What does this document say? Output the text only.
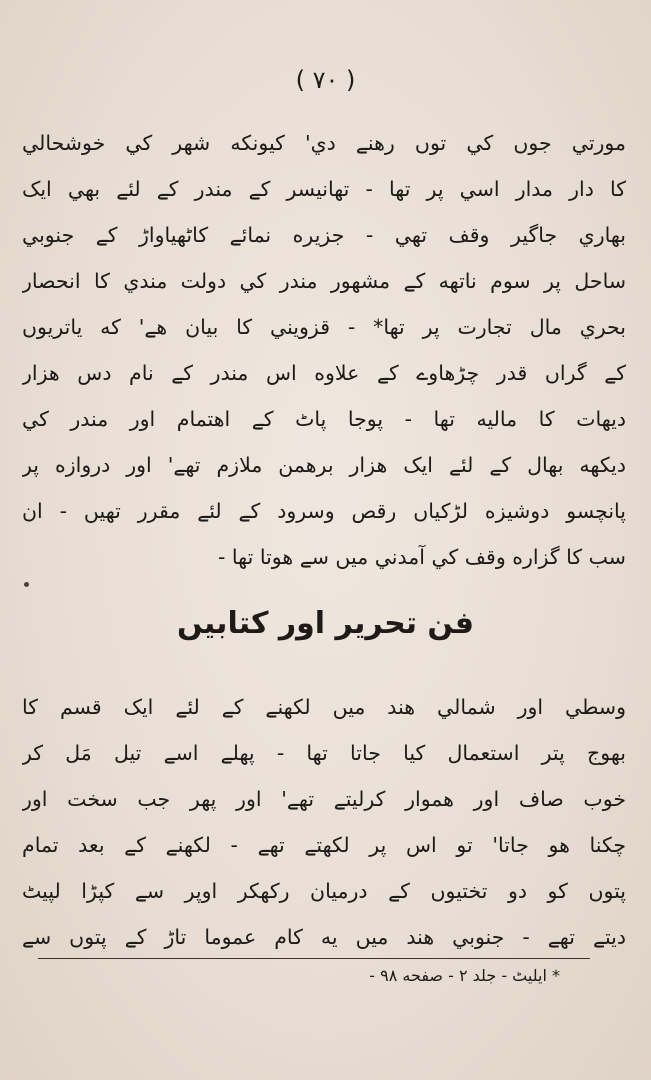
( ٧٠ )
مورتي جوں کي توں رهنے دي' کیونکه شهر کي خوشحالي
کا دار مدار اسي پر تها - تهانیسر کے مندر کے لئے بهي ایک
بهاري جاگیر وقف تهي - جزیره نمائے کاٹهیاواڑ کے جنوبي
ساحل پر سوم ناتهه کے مشهور مندر کي دولت مندي کا انحصار
بحري مال تجارت پر تها* - قزویني کا بیان هے' که یاتریوں
کے گراں قدر چڑهاوے کے علاوه اس مندر کے نام دس هزار
دیهات کا مالیه تها - پوجا پاٹ کے اهتمام اور مندر کي
دیکهه بهال کے لئے ایک هزار برهمن ملازم تهے' اور دروازه پر
پانچسو دوشیزه لڑکیاں رقص وسرود کے لئے مقرر تهیں - ان
سب کا گزاره وقف کي آمدني میں سے هوتا تها -
فن تحریر اور کتابیں
وسطي اور شمالي هند میں لکهنے کے لئے ایک قسم کا
بهوج پتر استعمال کیا جاتا تها - پهلے اسے تیل مَل کر
خوب صاف اور هموار کرلیتے تهے' اور پهر جب سخت اور
چکنا هو جاتا' تو اس پر لکهتے تهے - لکهنے کے بعد تمام
پتوں کو دو تختیوں کے درمیان رکهکر اوپر سے کپڑا لپیٹ
دیتے تهے - جنوبي هند میں یه کام عموما تاڑ کے پتوں سے
* ایلیٹ - جلد ٢ - صفحه ٩٨ -
